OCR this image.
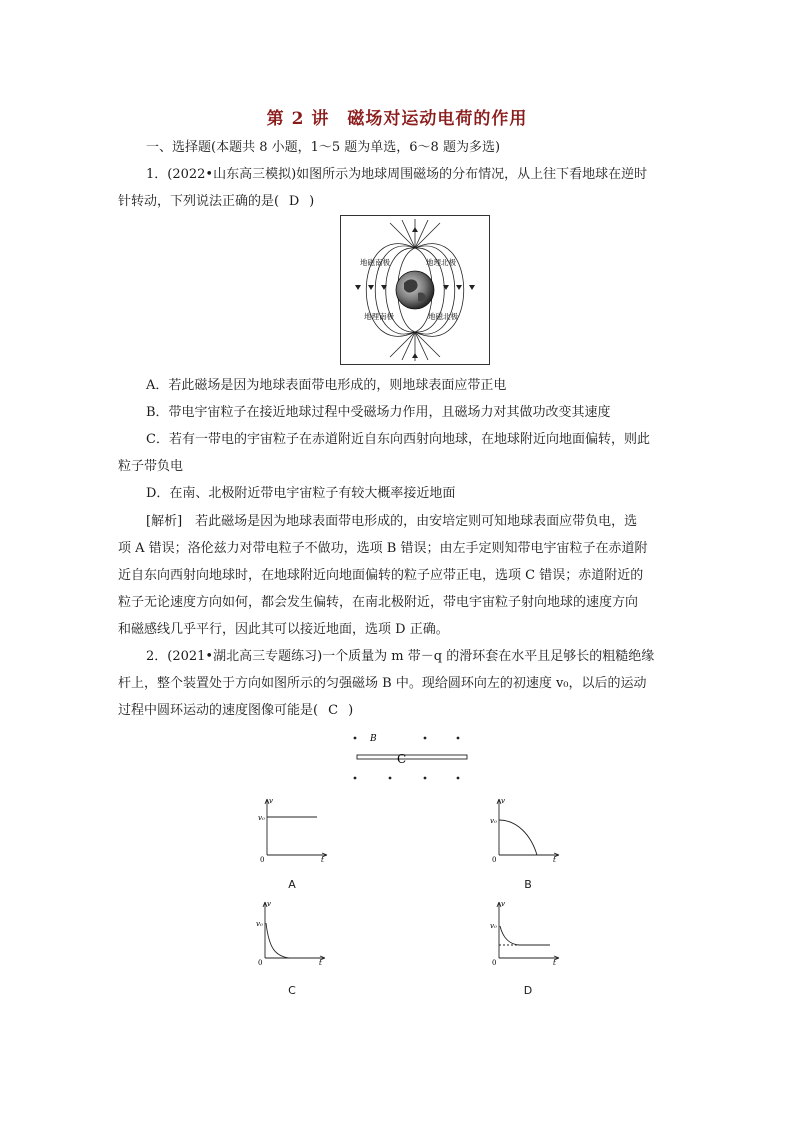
第 2 讲　磁场对运动电荷的作用
一、选择题(本题共 8 小题，1～5 题为单选，6～8 题为多选)
1．(2022•山东高三模拟)如图所示为地球周围磁场的分布情况，从上往下看地球在逆时
针转动，下列说法正确的是( D )
地磁南极	地理北极
地理南极	地磁北极
A．若此磁场是因为地球表面带电形成的，则地球表面应带正电
B．带电宇宙粒子在接近地球过程中受磁场力作用，且磁场力对其做功改变其速度
C．若有一带电的宇宙粒子在赤道附近自东向西射向地球，在地球附近向地面偏转，则此
粒子带负电
D．在南、北极附近带电宇宙粒子有较大概率接近地面
[解析]　若此磁场是因为地球表面带电形成的，由安培定则可知地球表面应带负电，选
项 A 错误；洛伦兹力对带电粒子不做功，选项 B 错误；由左手定则知带电宇宙粒子在赤道附
近自东向西射向地球时，在地球附近向地面偏转的粒子应带正电，选项 C 错误；赤道附近的
粒子无论速度方向如何，都会发生偏转，在南北极附近，带电宇宙粒子射向地球的速度方向
和磁感线几乎平行，因此其可以接近地面，选项 D 正确。
2．(2021•湖北高三专题练习)一个质量为 m 带－q 的滑环套在水平且足够长的粗糙绝缘
杆上，整个装置处于方向如图所示的匀强磁场 B 中。现给圆环向左的初速度 v₀，以后的运动
过程中圆环运动的速度图像可能是( C )
B
C
v
t
v₀
0
A
v
t
v₀
0
B
v
t
v₀
0
C
v
t
v₀
0
D
